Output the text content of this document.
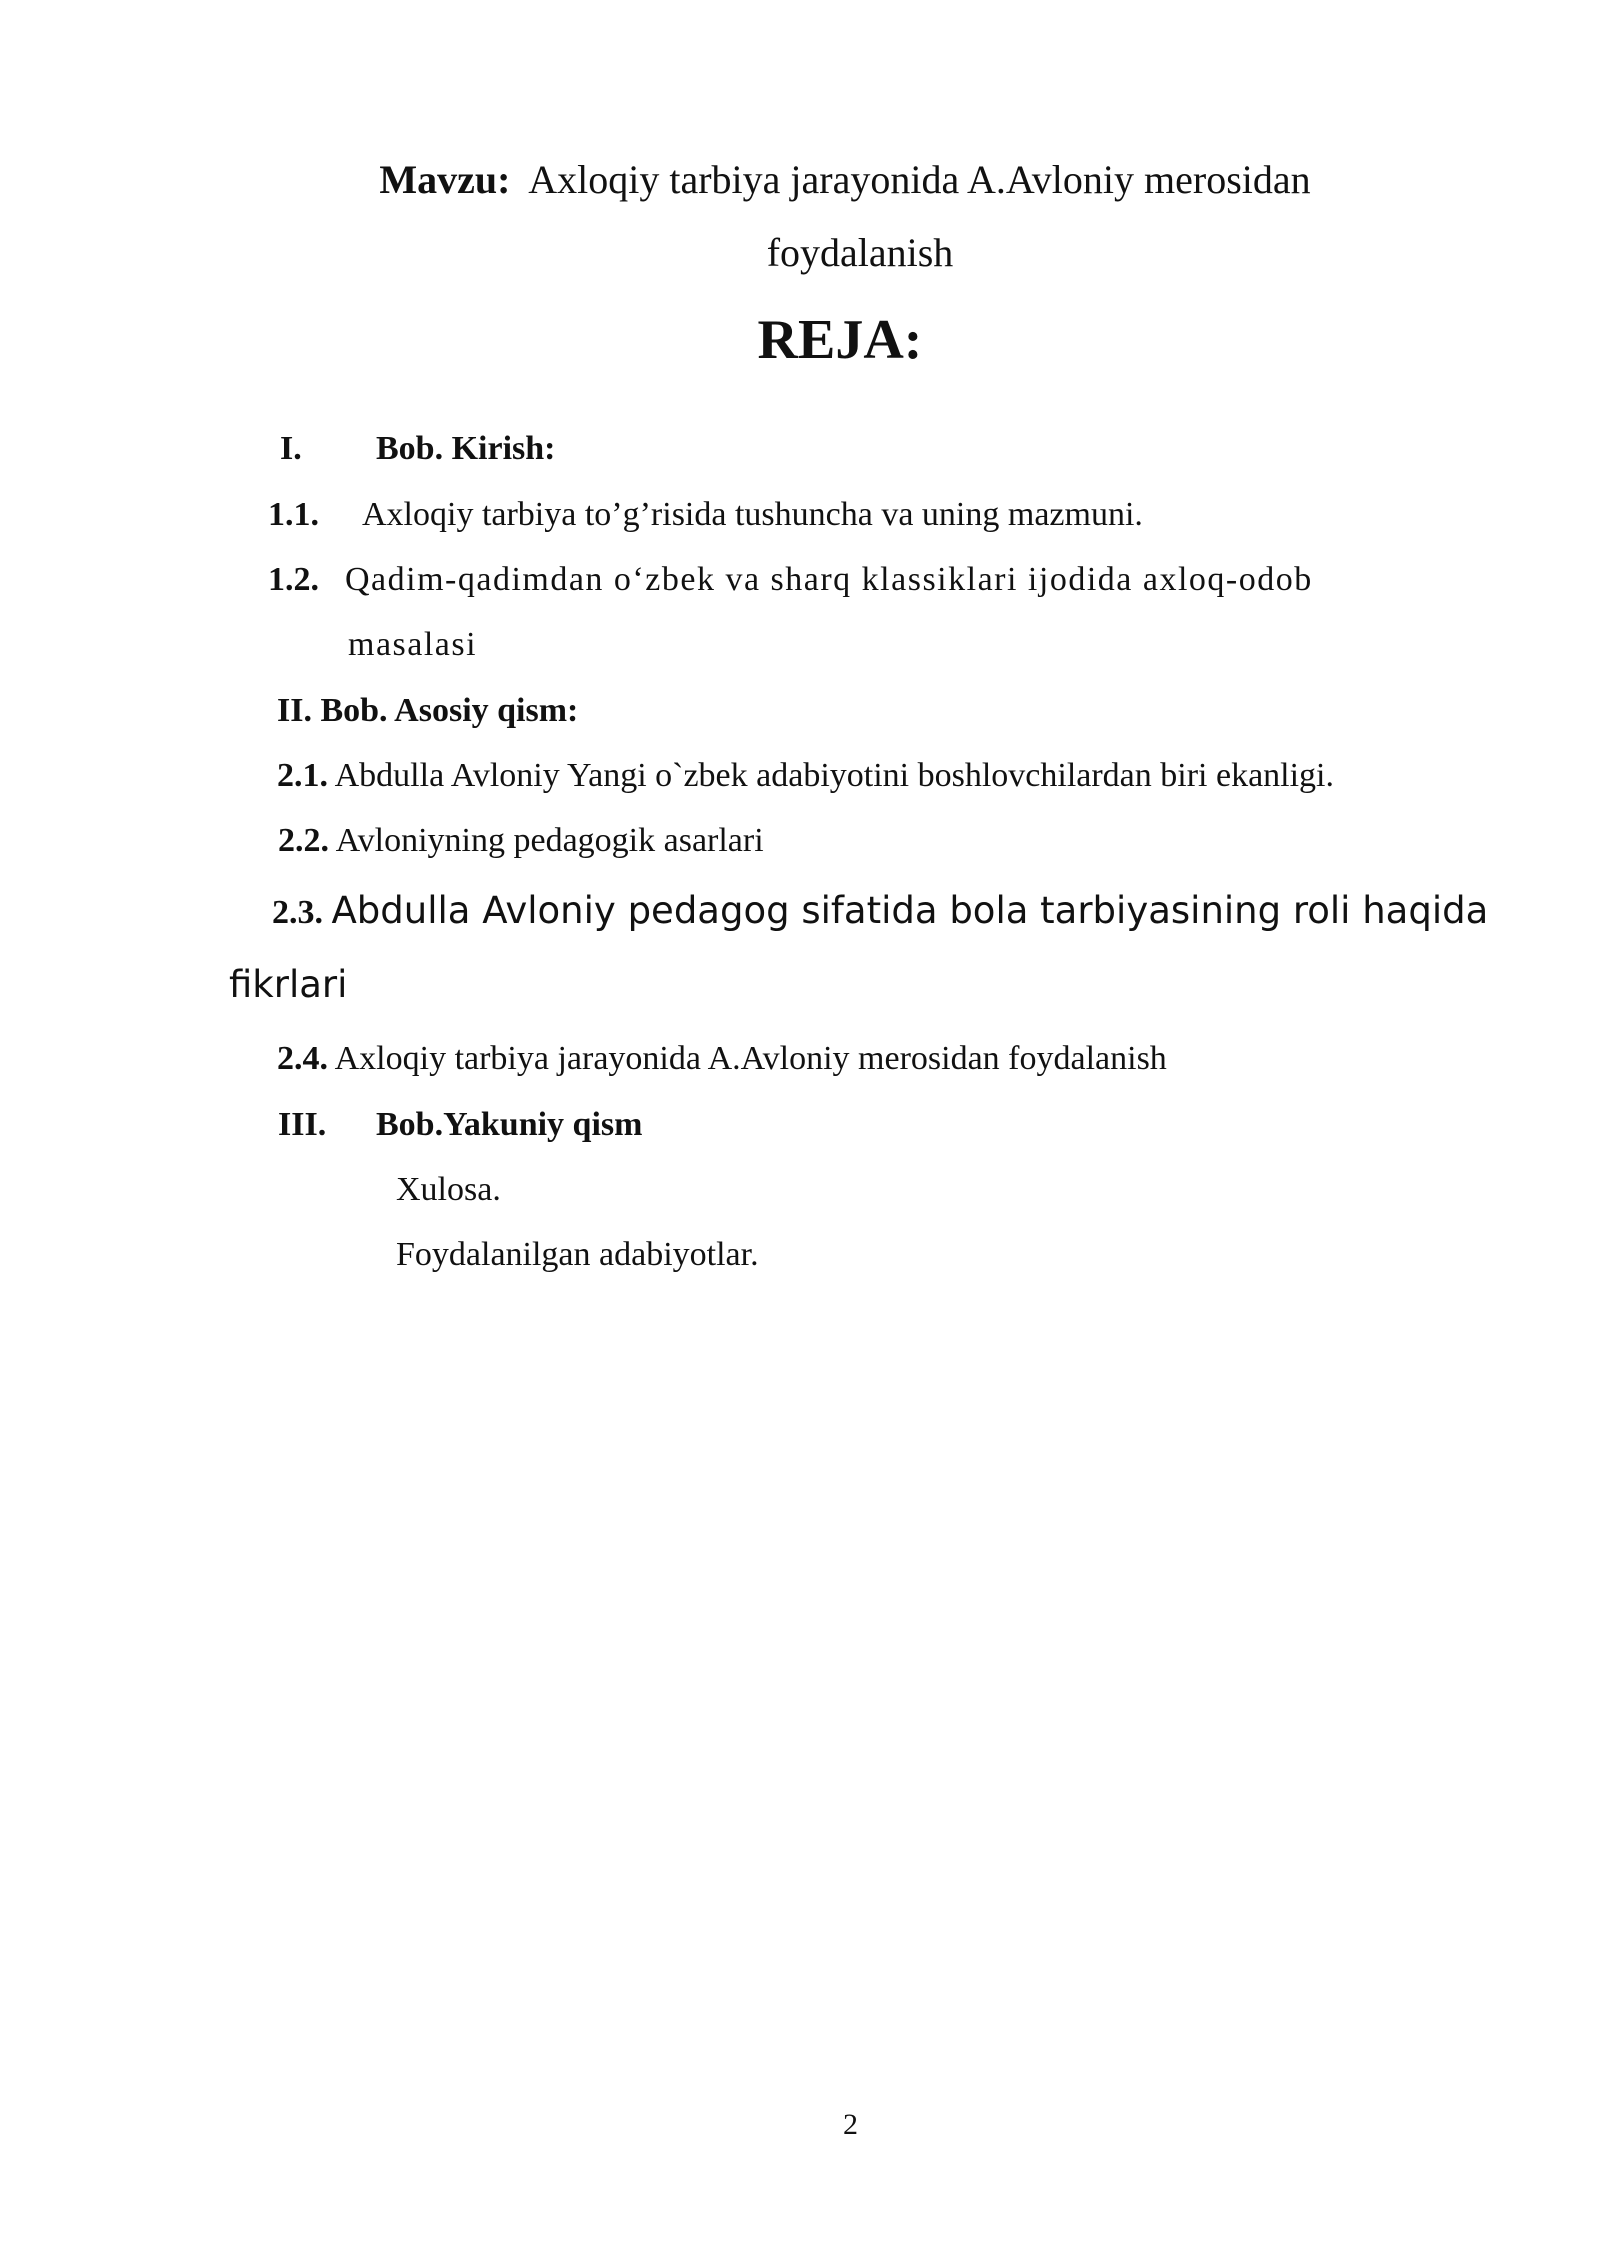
Mavzu: Axloqiy tarbiya jarayonida A.Avloniy merosidan
foydalanish
REJA:
I. Bob. Kirish:
1.1. Axloqiy tarbiya to’g’risida tushuncha va uning mazmuni.
1.2. Qadim-qadimdan o‘zbek va sharq klassiklari ijodida axloq-odob
masalasi
II. Bob. Asosiy qism:
2.1. Abdulla Avloniy Yangi o`zbek adabiyotini boshlovchilardan biri ekanligi.
2.2. Avloniyning pedagogik asarlari
2.3. Abdulla Avloniy pedagog sifatida bola tarbiyasining roli haqida
fikrlari
2.4. Axloqiy tarbiya jarayonida A.Avloniy merosidan foydalanish
III. Bob.Yakuniy qism
Xulosa.
Foydalanilgan adabiyotlar.
2
